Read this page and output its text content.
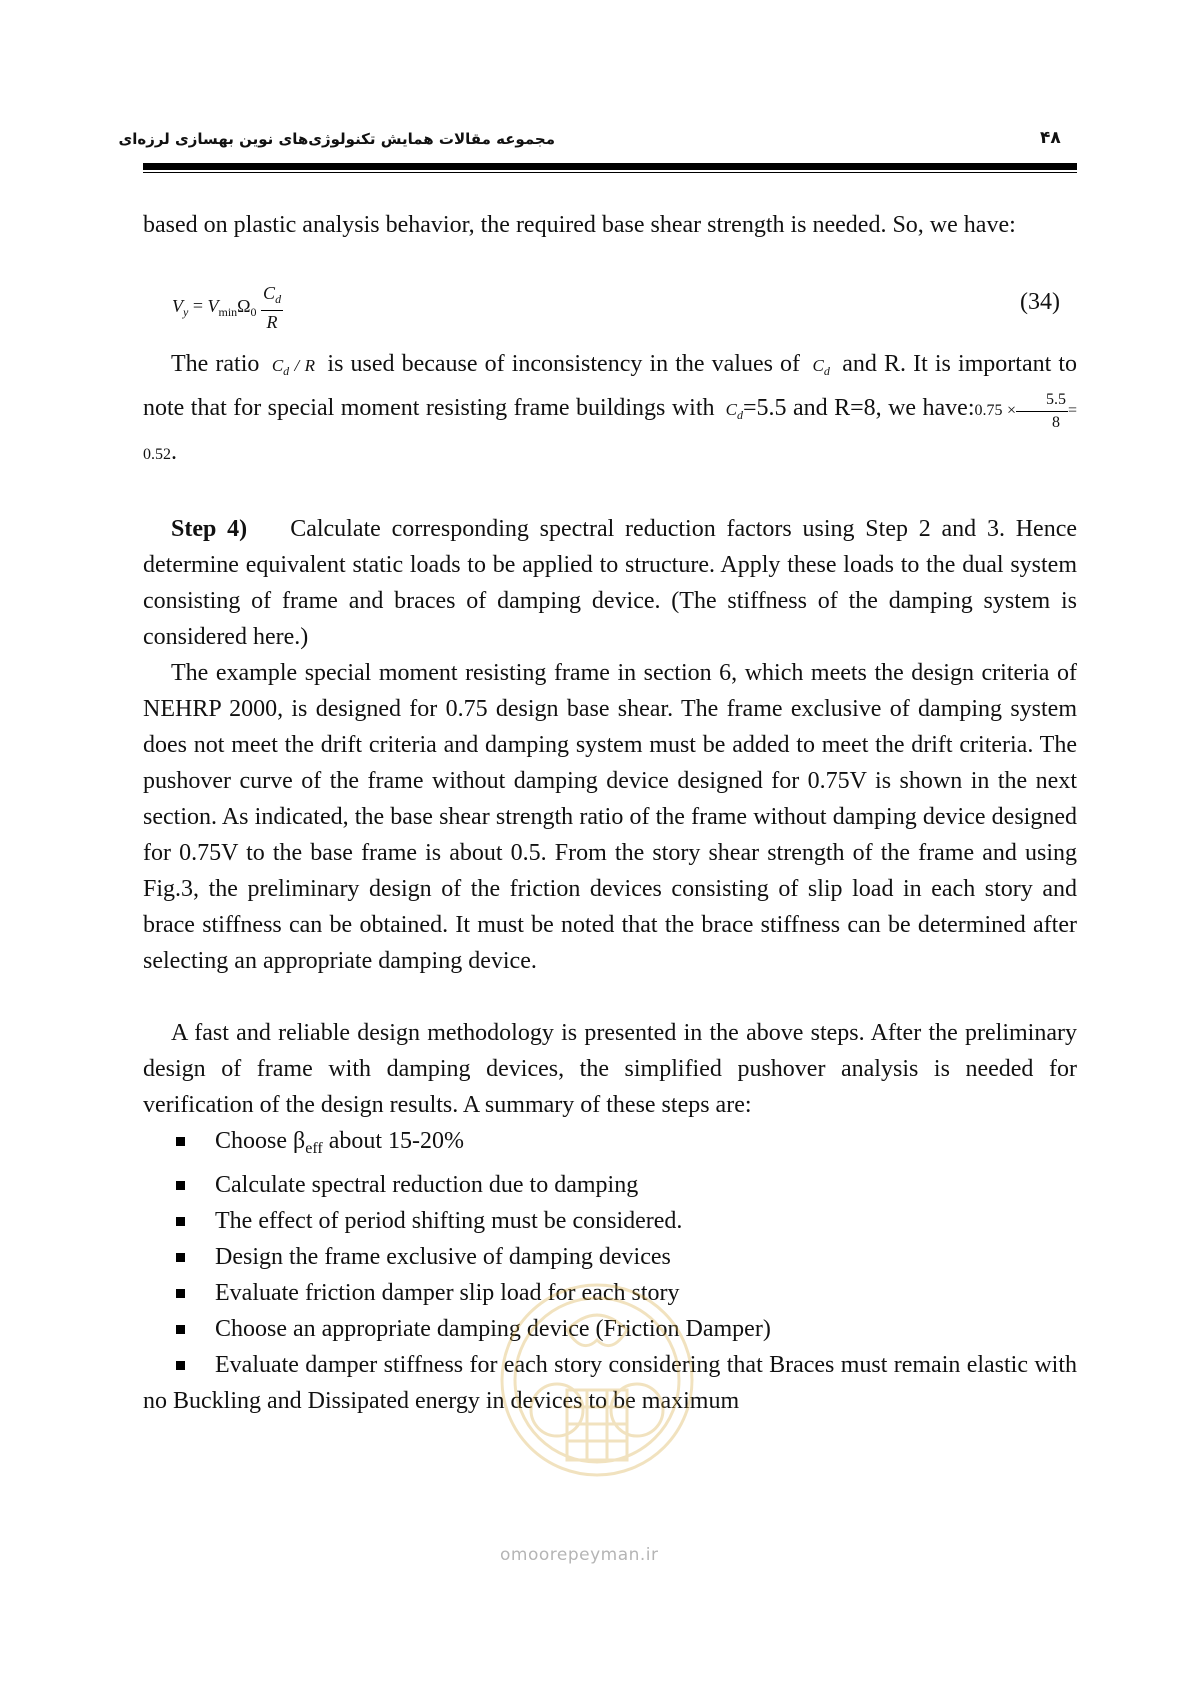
۴۸
مجموعه مقالات همایش تکنولوژی‌های نوین بهسازی لرزه‌ای

based on plastic analysis behavior, the required base shear strength is needed. So, we have:

$V_y = V_{min}\Omega_0 \frac{C_d}{R}$	(34)

The ratio $C_d$ / R is used because of inconsistency in the values of $C_d$ and R. It is important to note that for special moment resisting frame buildings with $C_d=5.5$ and R=8, we have:0.75 × $\frac{5.5}{8} = 0.52$.

Step 4) Calculate corresponding spectral reduction factors using Step 2 and 3. Hence determine equivalent static loads to be applied to structure. Apply these loads to the dual system consisting of frame and braces of damping device. (The stiffness of the damping system is considered here.)

The example special moment resisting frame in section 6, which meets the design criteria of NEHRP 2000, is designed for 0.75 design base shear. The frame exclusive of damping system does not meet the drift criteria and damping system must be added to meet the drift criteria. The pushover curve of the frame without damping device designed for 0.75V is shown in the next section. As indicated, the base shear strength ratio of the frame without damping device designed for 0.75V to the base frame is about 0.5. From the story shear strength of the frame and using Fig.3, the preliminary design of the friction devices consisting of slip load in each story and brace stiffness can be obtained. It must be noted that the brace stiffness can be determined after selecting an appropriate damping device.

A fast and reliable design methodology is presented in the above steps. After the preliminary design of frame with damping devices, the simplified pushover analysis is needed for verification of the design results. A summary of these steps are:

Choose $\beta_{eff}$ about 15-20%
Calculate spectral reduction due to damping
The effect of period shifting must be considered.
Design the frame exclusive of damping devices
Evaluate friction damper slip load for each story
Choose an appropriate damping device (Friction Damper)
Evaluate damper stiffness for each story considering that Braces must remain elastic with no Buckling and Dissipated energy in devices to be maximum
omoorepeyman.ir
